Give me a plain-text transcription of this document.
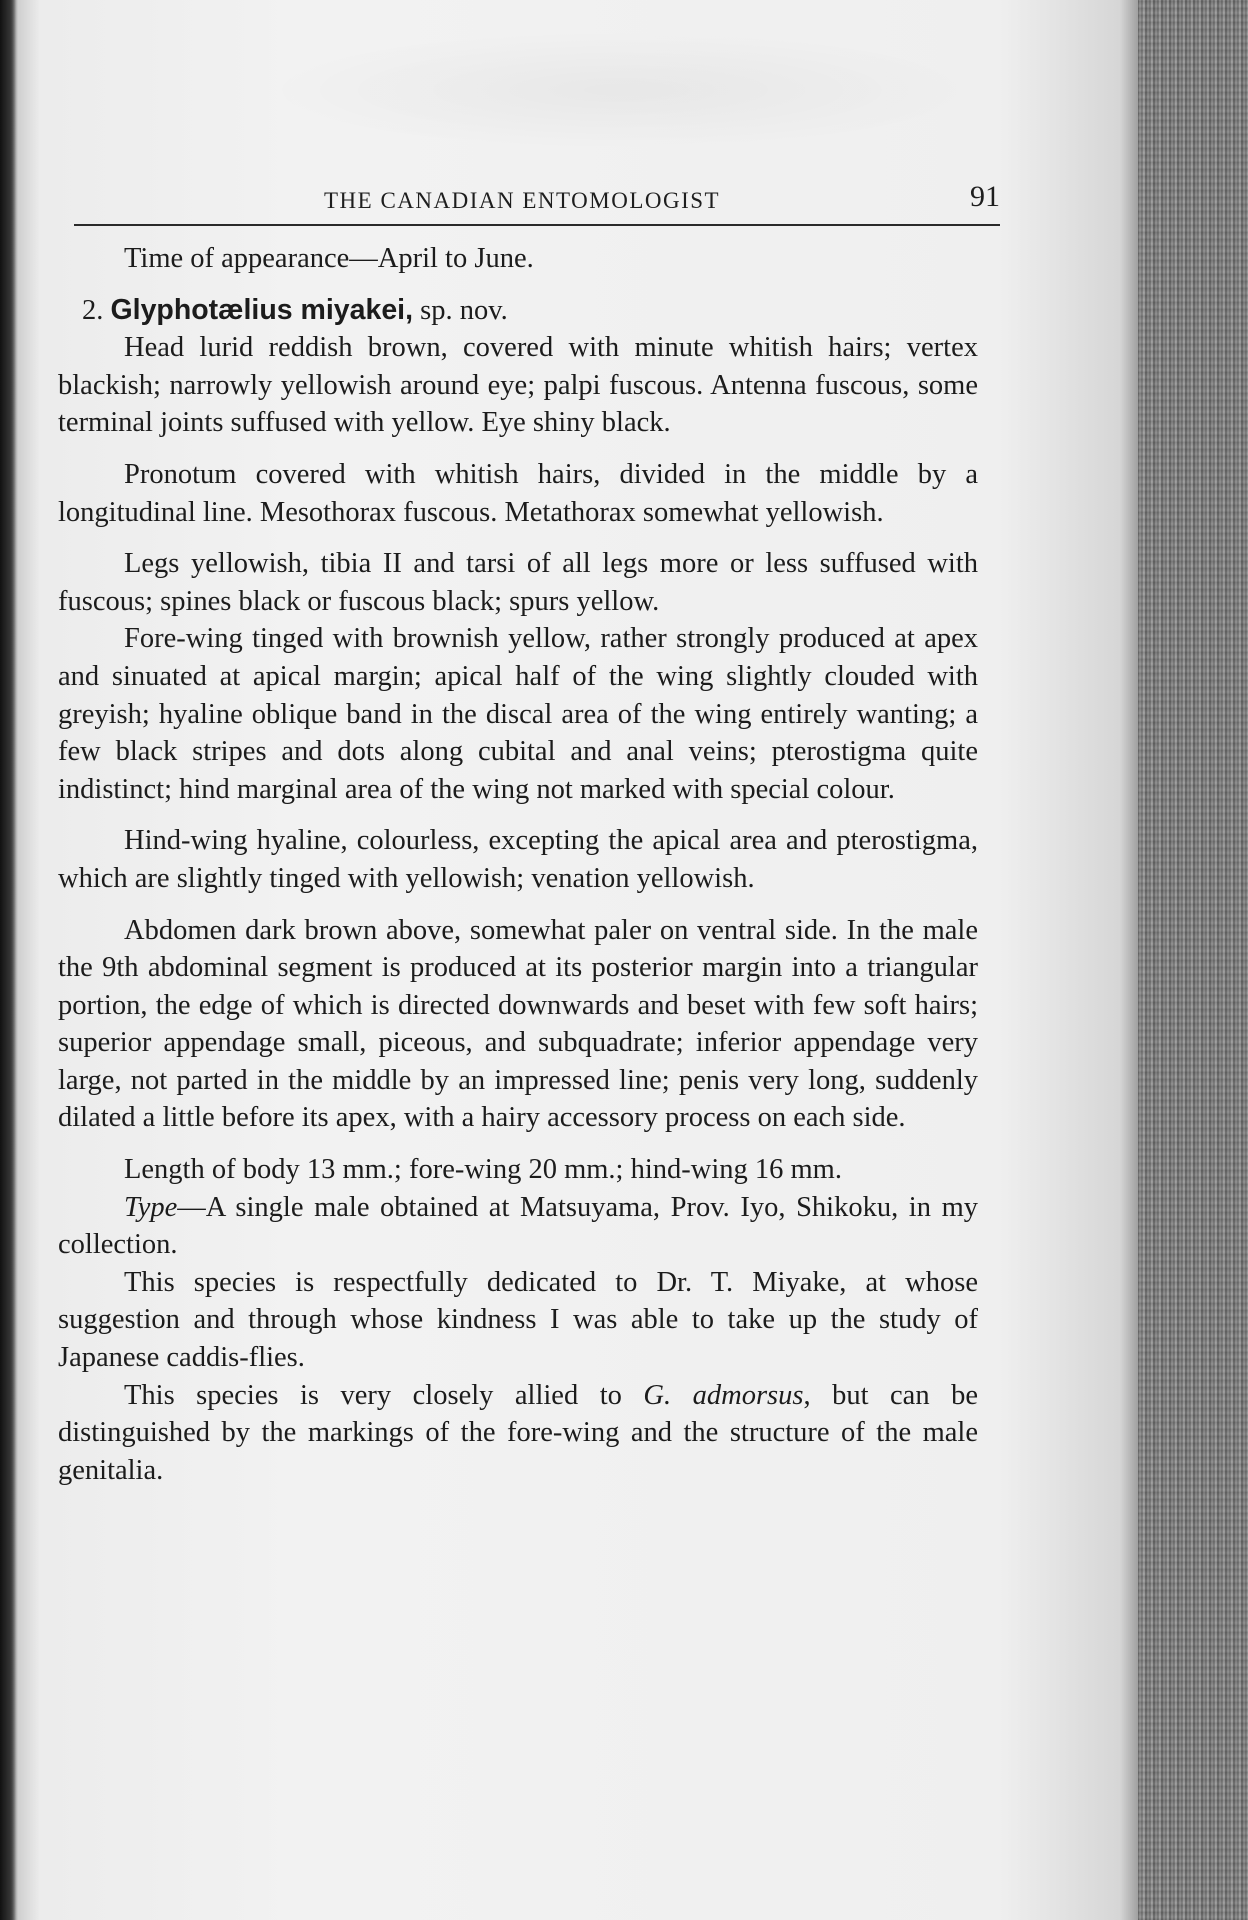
THE CANADIAN ENTOMOLOGIST	91

Time of appearance—April to June.

2. Glyphotælius miyakei, sp. nov.

Head lurid reddish brown, covered with minute whitish hairs; vertex blackish; narrowly yellowish around eye; palpi fuscous. Antenna fuscous, some terminal joints suffused with yellow. Eye shiny black.

Pronotum covered with whitish hairs, divided in the middle by a longitudinal line. Mesothorax fuscous. Metathorax somewhat yellowish.

Legs yellowish, tibia II and tarsi of all legs more or less suffused with fuscous; spines black or fuscous black; spurs yellow.

Fore-wing tinged with brownish yellow, rather strongly produced at apex and sinuated at apical margin; apical half of the wing slightly clouded with greyish; hyaline oblique band in the discal area of the wing entirely wanting; a few black stripes and dots along cubital and anal veins; pterostigma quite indistinct; hind marginal area of the wing not marked with special colour.

Hind-wing hyaline, colourless, excepting the apical area and pterostigma, which are slightly tinged with yellowish; venation yellowish.

Abdomen dark brown above, somewhat paler on ventral side. In the male the 9th abdominal segment is produced at its posterior margin into a triangular portion, the edge of which is directed downwards and beset with few soft hairs; superior appendage small, piceous, and subquadrate; inferior appendage very large, not parted in the middle by an impressed line; penis very long, suddenly dilated a little before its apex, with a hairy accessory process on each side.

Length of body 13 mm.; fore-wing 20 mm.; hind-wing 16 mm.

Type—A single male obtained at Matsuyama, Prov. Iyo, Shikoku, in my collection.

This species is respectfully dedicated to Dr. T. Miyake, at whose suggestion and through whose kindness I was able to take up the study of Japanese caddis-flies.

This species is very closely allied to G. admorsus, but can be distinguished by the markings of the fore-wing and the structure of the male genitalia.
